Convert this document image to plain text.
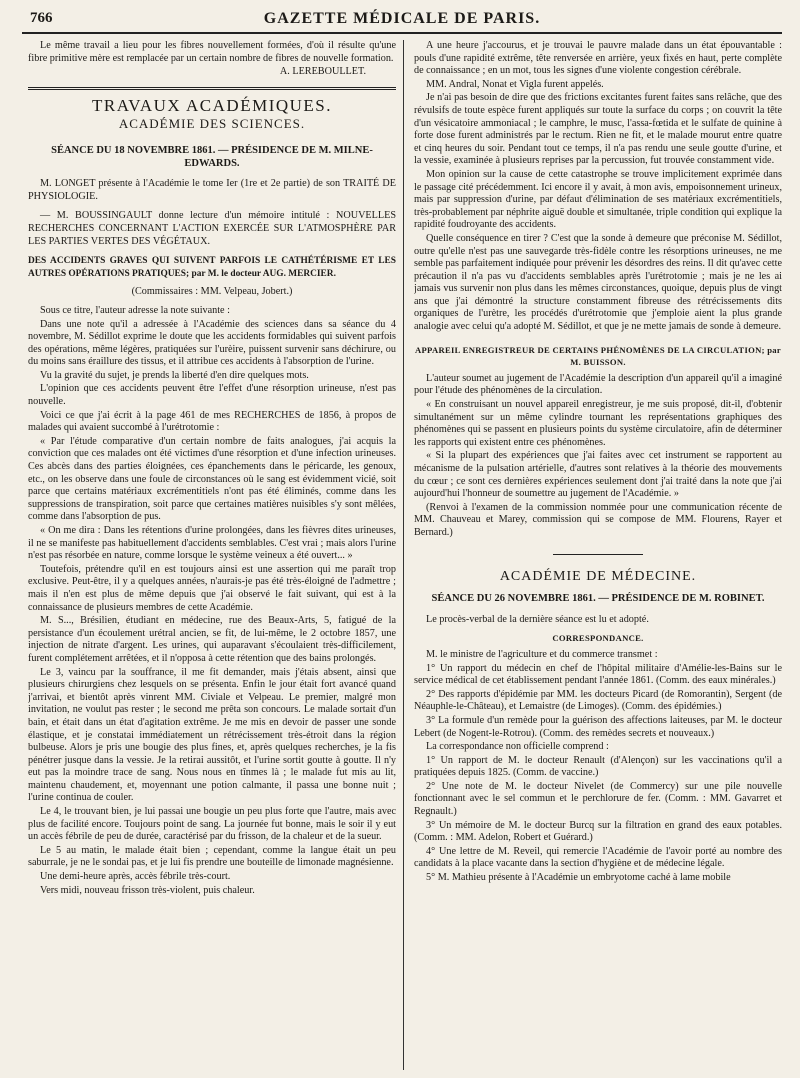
766	GAZETTE MÉDICALE DE PARIS.

Le même travail a lieu pour les fibres nouvellement formées, d'où il résulte qu'une fibre primitive mère est remplacée par un certain nombre de fibres de nouvelle formation.

A. LEREBOULLET.

TRAVAUX ACADÉMIQUES.
ACADÉMIE DES SCIENCES.
SÉANCE DU 18 NOVEMBRE 1861. — PRÉSIDENCE DE M. MILNE-EDWARDS.

M. LONGET présente à l'Académie le tome Ier (1re et 2e partie) de son TRAITÉ DE PHYSIOLOGIE.

— M. BOUSSINGAULT donne lecture d'un mémoire intitulé : NOUVELLES RECHERCHES CONCERNANT L'ACTION EXERCÉE SUR L'ATMOSPHÈRE PAR LES PARTIES VERTES DES VÉGÉTAUX.

DES ACCIDENTS GRAVES QUI SUIVENT PARFOIS LE CATHÉTÉRISME ET LES AUTRES OPÉRATIONS PRATIQUES; par M. le docteur AUG. MERCIER.

(Commissaires : MM. Velpeau, Jobert.)

Sous ce titre, l'auteur adresse la note suivante :

Dans une note qu'il a adressée à l'Académie des sciences dans sa séance du 4 novembre, M. Sédillot exprime le doute que les accidents formidables qui suivent parfois des opérations, même légères, pratiquées sur l'urèire, puissent survenir sans déchirure, ou du moins sans éraillure des tissus, et il attribue ces accidents à l'absorption de l'urine.

Vu la gravité du sujet, je prends la liberté d'en dire quelques mots.

L'opinion que ces accidents peuvent être l'effet d'une résorption urineuse, n'est pas nouvelle.

Voici ce que j'ai écrit à la page 461 de mes RECHERCHES de 1856, à propos de malades qui avaient succombé à l'urétrotomie :

« Par l'étude comparative d'un certain nombre de faits analogues, j'ai acquis la conviction que ces malades ont été victimes d'une résorption et d'une infection urineuses. Ces abcès dans des parties éloignées, ces épanchements dans le péricarde, les genoux, etc., on les observe dans une foule de circonstances où le sang est évidemment vicié, soit parce que certains matériaux excrémentitiels n'ont pas été éliminés, comme dans les suppressions de transpiration, soit parce que certaines matières nuisibles s'y sont mêlées, comme dans l'absorption de pus.

« On me dira : Dans les rétentions d'urine prolongées, dans les fièvres dites urineuses, il ne se manifeste pas habituellement d'accidents semblables. C'est vrai ; mais alors l'urine n'est pas résorbée en nature, comme lorsque le système veineux a été ouvert... »

Toutefois, prétendre qu'il en est toujours ainsi est une assertion qui me paraît trop exclusive. Peut-être, il y a quelques années, n'aurais-je pas été très-éloigné de l'admettre ; mais il n'en est plus de même depuis que j'ai observé le fait suivant, qui est à la connaissance de plusieurs membres de cette Académie.

M. S..., Brésilien, étudiant en médecine, rue des Beaux-Arts, 5, fatigué de la persistance d'un écoulement urétral ancien, se fit, de lui-même, le 2 octobre 1857, une injection de nitrate d'argent. Les urines, qui auparavant s'écoulaient très-difficilement, furent complétement arrêtées, et il n'opposa à cette rétention que des bains prolongés.

Le 3, vaincu par la souffrance, il me fit demander, mais j'étais absent, ainsi que plusieurs chirurgiens chez lesquels on se présenta. Enfin le jour était fort avancé quand j'arrivai, et bientôt après vinrent MM. Civiale et Velpeau. Le premier, malgré mon invitation, ne voulut pas rester ; le second me prêta son concours. Le malade sortait d'un bain, et était dans un état d'agitation extrême. Je me mis en devoir de passer une sonde élastique, et je constatai immédiatement un rétrécissement très-étroit dans la région bulbeuse. Alors je pris une bougie des plus fines, et, après quelques recherches, je la fis pénétrer jusque dans la vessie. Je la retirai aussitôt, et l'urine sortit goutte à goutte. Il n'y eut pas la moindre trace de sang. Nous nous en tînmes là ; le malade fut mis au lit, maintenu chaudement, et, moyennant une potion calmante, il passa une bonne nuit ; l'urine continua de couler.

Le 4, le trouvant bien, je lui passai une bougie un peu plus forte que l'autre, mais avec plus de facilité encore. Toujours point de sang. La journée fut bonne, mais le soir il y eut un accès fébrile de peu de durée, caractérisé par du frisson, de la chaleur et de la sueur.

Le 5 au matin, le malade était bien ; cependant, comme la langue était un peu saburrale, je ne le sondai pas, et je lui fis prendre une bouteille de limonade magnésienne.

Une demi-heure après, accès fébrile très-court.

Vers midi, nouveau frisson très-violent, puis chaleur.

A une heure j'accourus, et je trouvai le pauvre malade dans un état épouvantable : pouls d'une rapidité extrême, tête renversée en arrière, yeux fixés en haut, perte complète de connaissance ; en un mot, tous les signes d'une violente congestion cérébrale.

MM. Andral, Nonat et Vigla furent appelés.

Je n'ai pas besoin de dire que des frictions excitantes furent faites sans relâche, que des révulsifs de toute espèce furent appliqués sur toute la surface du corps ; on couvrit la tête d'un vésicatoire ammoniacal ; le camphre, le musc, l'assa-fœtida et le sulfate de quinine à forte dose furent administrés par le rectum. Rien ne fit, et le malade mourut entre quatre et cinq heures du soir. Pendant tout ce temps, il n'a pas rendu une seule goutte d'urine, et la vessie, examinée à plusieurs reprises par la percussion, fut trouvée constamment vide.

Mon opinion sur la cause de cette catastrophe se trouve implicitement exprimée dans le passage cité précédemment. Ici encore il y avait, à mon avis, empoisonnement urineux, mais par suppression d'urine, par défaut d'élimination de ses matériaux excrémentitiels, très-probablement par néphrite aiguë double et simultanée, triple condition qui explique la rapidité foudroyante des accidents.

Quelle conséquence en tirer ? C'est que la sonde à demeure que préconise M. Sédillot, outre qu'elle n'est pas une sauvegarde très-fidèle contre les résorptions urineuses, ne me semble pas parfaitement indiquée pour prévenir les désordres des reins. Il dit qu'avec cette précaution il n'a pas vu d'accidents semblables après l'urétrotomie ; mais je ne les ai jamais vus survenir non plus dans les mêmes circonstances, quoique, depuis plus de vingt ans que j'ai démontré la structure constamment fibreuse des rétrécissements dits organiques de l'urètre, les procédés d'urétrotomie que j'emploie aient la plus grande analogie avec celui qu'a adopté M. Sédillot, et que je ne mette jamais de sonde à demeure.

APPAREIL ENREGISTREUR DE CERTAINS PHÉNOMÈNES DE LA CIRCULATION; par M. BUISSON.

L'auteur soumet au jugement de l'Académie la description d'un appareil qu'il a imaginé pour l'étude des phénomènes de la circulation.

« En construisant un nouvel appareil enregistreur, je me suis proposé, dit-il, d'obtenir simultanément sur un même cylindre tournant les représentations graphiques des phénomènes qui se passent en plusieurs points du système circulatoire, afin de déterminer les rapports qui existent entre ces phénomènes.

« Si la plupart des expériences que j'ai faites avec cet instrument se rapportent au mécanisme de la pulsation artérielle, d'autres sont relatives à la théorie des mouvements du cœur ; ce sont ces dernières expériences seulement dont j'ai traité dans la note que j'ai aujourd'hui l'honneur de soumettre au jugement de l'Académie. »

(Renvoi à l'examen de la commission nommée pour une communication récente de MM. Chauveau et Marey, commission qui se compose de MM. Flourens, Rayer et Bernard.)

ACADÉMIE DE MÉDECINE.
SÉANCE DU 26 NOVEMBRE 1861. — PRÉSIDENCE DE M. ROBINET.

Le procès-verbal de la dernière séance est lu et adopté.

CORRESPONDANCE.

M. le ministre de l'agriculture et du commerce transmet :

1° Un rapport du médecin en chef de l'hôpital militaire d'Amélie-les-Bains sur le service médical de cet établissement pendant l'année 1861. (Comm. des eaux minérales.)

2° Des rapports d'épidémie par MM. les docteurs Picard (de Romorantin), Sergent (de Néauphle-le-Château), et Lemaistre (de Limoges). (Comm. des épidémies.)

3° La formule d'un remède pour la guérison des affections laiteuses, par M. le docteur Lebert (de Nogent-le-Rotrou). (Comm. des remèdes secrets et nouveaux.)

La correspondance non officielle comprend :

1° Un rapport de M. le docteur Renault (d'Alençon) sur les vaccinations qu'il a pratiquées depuis 1825. (Comm. de vaccine.)

2° Une note de M. le docteur Nivelet (de Commercy) sur une pile nouvelle fonctionnant avec le sel commun et le perchlorure de fer. (Comm. : MM. Gavarret et Regnault.)

3° Un mémoire de M. le docteur Burcq sur la filtration en grand des eaux potables. (Comm. : MM. Adelon, Robert et Guérard.)

4° Une lettre de M. Reveil, qui remercie l'Académie de l'avoir porté au nombre des candidats à la place vacante dans la section d'hygiène et de médecine légale.

5° M. Mathieu présente à l'Académie un embryotome caché à lame mobile
